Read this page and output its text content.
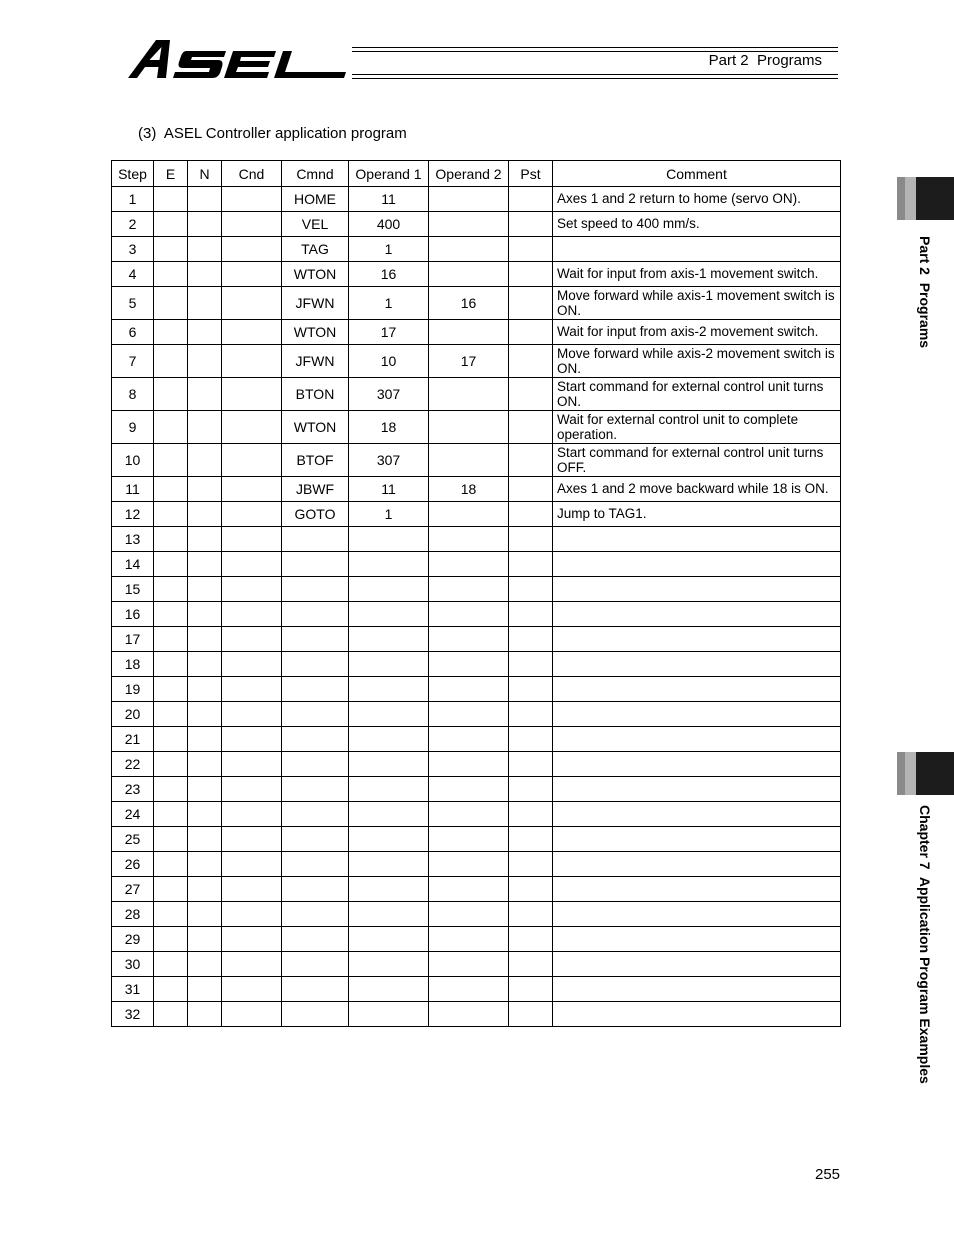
Part 2  Programs
(3)  ASEL Controller application program
Step	E	N	Cnd	Cmnd	Operand 1	Operand 2	Pst	Comment
1				HOME	11			Axes 1 and 2 return to home (servo ON).
2				VEL	400			Set speed to 400 mm/s.
3				TAG	1			
4				WTON	16			Wait for input from axis-1 movement switch.
5				JFWN	1	16		Move forward while axis-1 movement switch is ON.
6				WTON	17			Wait for input from axis-2 movement switch.
7				JFWN	10	17		Move forward while axis-2 movement switch is ON.
8				BTON	307			Start command for external control unit turns ON.
9				WTON	18			Wait for external control unit to complete operation.
10				BTOF	307			Start command for external control unit turns OFF.
11				JBWF	11	18		Axes 1 and 2 move backward while 18 is ON.
12				GOTO	1			Jump to TAG1.
13								
14								
15								
16								
17								
18								
19								
20								
21								
22								
23								
24								
25								
26								
27								
28								
29								
30								
31								
32								
Part 2  Programs
Chapter 7  Application Program Examples
255
